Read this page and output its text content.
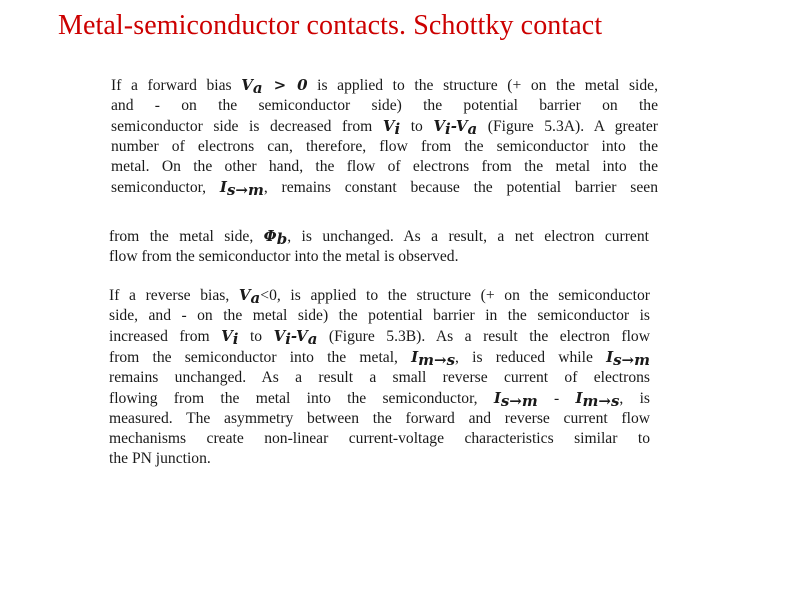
Metal-semiconductor contacts. Schottky contact
If a forward bias $V_a > 0$ is applied to the structure (+ on the metal side,
and - on the semiconductor side) the potential barrier on the
semiconductor side is decreased from $V_i$ to $V_i-V_a$ (Figure 5.3A). A greater
number of electrons can, therefore, flow from the semiconductor into the
metal. On the other hand, the flow of electrons from the metal into the
semiconductor, $I_{s\to m}$, remains constant because the potential barrier seen
from the metal side, $\Phi_b$, is unchanged. As a result, a net electron current
flow from the semiconductor into the metal is observed.
If a reverse bias, $V_a<0$, is applied to the structure (+ on the semiconductor
side, and - on the metal side) the potential barrier in the semiconductor is
increased from $V_i$ to $V_i-V_a$ (Figure 5.3B). As a result the electron flow
from the semiconductor into the metal, $I_{m\to s}$, is reduced while $I_{s\to m}$
remains unchanged. As a result a small reverse current of electrons
flowing from the metal into the semiconductor, $I_{s\to m} - I_{m\to s}$, is
measured. The asymmetry between the forward and reverse current flow
mechanisms create non-linear current-voltage characteristics similar to
the PN junction.
